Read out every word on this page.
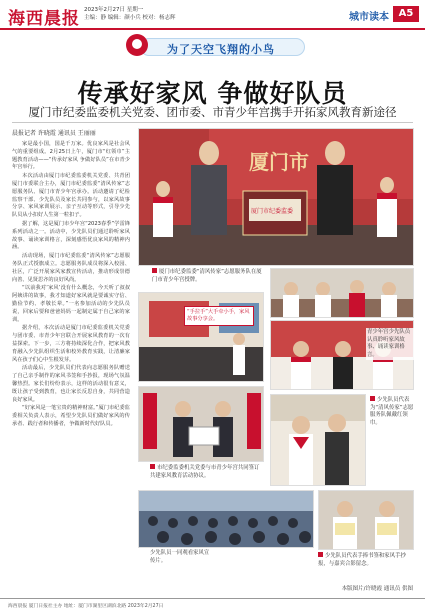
海西晨报 2023年2月27日 星期一
主编：静 编辑：颜小兵 校对：杨志辉	城市读本 A5
为了天空飞翔的小鸟
传承好家风 争做好队员
厦门市纪委监委机关党委、团市委、市青少年宫携手开拓家风教育新途径
晨报记者 许晓霞 通讯员 王丽丽

家是最小国，国是千万家。优良家风是社会风气的重要组成。2月25日上午，厦门市“红领巾”主题教育活动——“传承好家风 争做好队员”在市青少年宫举行。

本次活动由厦门市纪委监委机关党委、共青团厦门市委联合主办，厦门市纪委监委“清风传家”志愿服务队、厦门市青少年宫承办。活动邀请了纪检监察干部、少先队员及家长共同参与，以家风故事分享、家风家训展示、亲子互动等形式，引导少先队员从小扣好人生第一粒扣子。

据了解，这是厦门市少年宫“2023春季”学雷锋系列活动之一。活动中，少先队员们通过聆听家风故事、诵读家训格言，深刻感悟优良家风的精神内涵。

活动现场，厦门市纪委监委“清风传家”志愿服务队正式授旗成立。志愿服务队成员将深入校园、社区，广泛开展家风家教宣传活动，推动形成崇德向善、见贤思齐的良好风尚。

“以前我对‘家风’没有什么概念，今天听了叔叔阿姨讲的故事，我才知道好家风就是要诚实守信、勤俭节约、孝敬长辈。”一名参加活动的少先队员说，回家后要和爸爸妈妈一起制定属于自己家的家训。

据介绍，本次活动是厦门市纪委监委机关党委与团市委、市青少年宫联合开展家风教育的一次有益探索。下一步，三方将持续深化合作，把家风教育融入少先队组织生活和校外教育实践，让清廉家风在孩子们心中生根发芽。

活动最后，少先队员们代表向志愿服务队赠送了自己亲手制作的家风书签和手抄报，现场气氛温馨热烈。家长们纷纷表示，这样的活动很有意义，既让孩子受到教育，也让家长反思自身，共同营造良好家风。

“好家风是一笔宝贵的精神财富。”厦门市纪委监委相关负责人表示，希望少先队员们做好家风的传承者、践行者和传播者，争做新时代好队员。

厦门市
厦门市纪委监委
厦门市纪委监委“清风传家”志愿服务队在厦门市青少年宫授牌。
“手拉手”大手牵小手，家风故事分享会。
青少年宫少先队员认真聆听家风故事、诵读家训格言。
市纪委监委机关党委与市青少年宫共同签订共建家风教育活动协议。
少先队员代表为“清风传家”志愿服务队佩戴红领巾。
少先队员一同观看家风宣传片。
少先队员代表手捧书签和家风手抄报，与嘉宾合影留念。
本版图片/许晓霞 通讯员 供图
海西晨报 厦门日报社主办 地址：厦门市湖里区湖滨北路 2023年2月27日
